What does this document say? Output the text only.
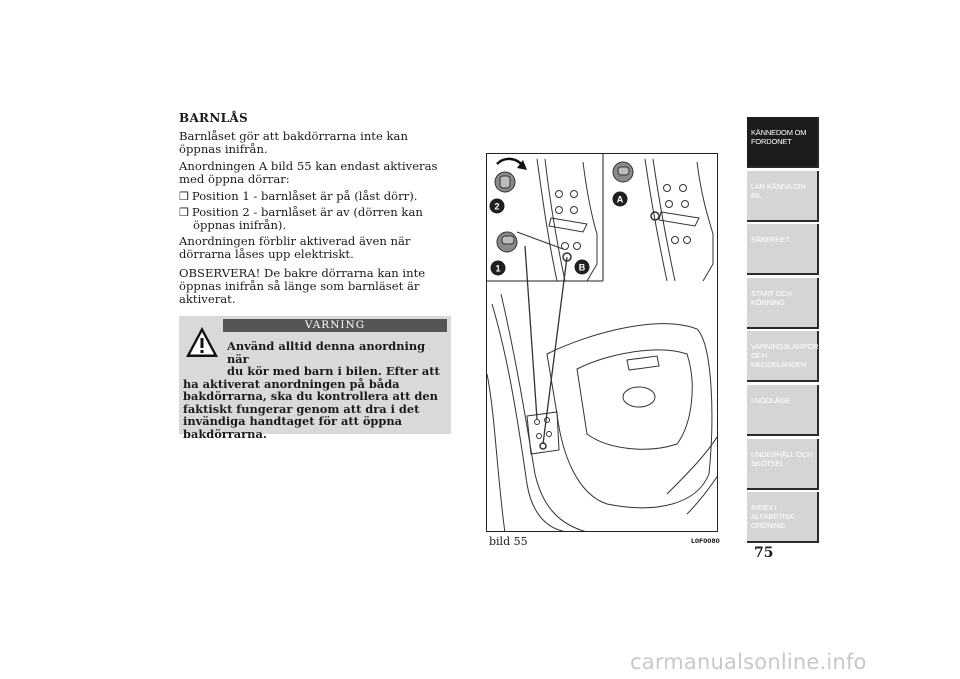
BARNLÅS

Barnlåset gör att bakdörrarna inte kan öppnas inifrån.

Anordningen A bild 55 kan endast aktiveras med öppna dörrar:

❒ Position 1 - barnlåset är på (låst dörr).
❒ Position 2 - barnlåset är av (dörren kan öppnas inifrån).

Anordningen förblir aktiverad även när dörrarna låses upp elektriskt.

OBSERVERA! De bakre dörrarna kan inte öppnas inifrån så länge som barnläset är aktiverat.

VARNING
Använd alltid denna anordning när
du kör med barn i bilen. Efter att
ha aktiverat anordningen på båda bakdörrarna, ska du kontrollera att den faktiskt fungerar genom att dra i det invändiga handtaget för att öppna bakdörrarna.
2
1
A
B
bild 55	L0F0080
KÄNNEDOM OM FORDONET
LÄR KÄNNA DIN BIL
SÄKERHET
START OCH KÖRNING
VARNINGSLAMPOR OCH MEDDELANDEN
I NÖDLÄGE
UNDERHÅLL OCH SKÖTSEL
INDEX I ALFABETISK ORDNING
75
carmanualsonline.info
